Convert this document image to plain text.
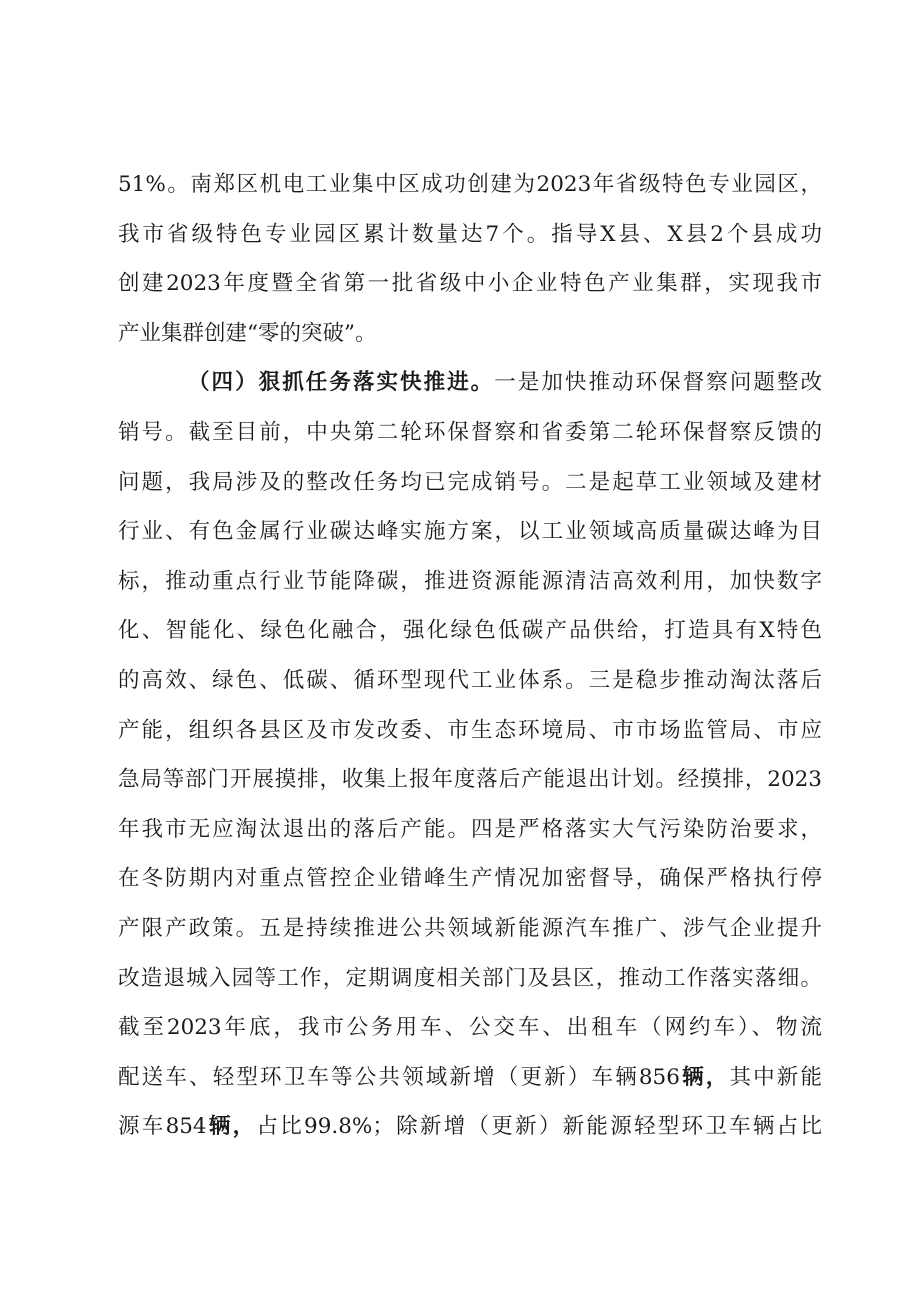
51%。南郑区机电工业集中区成功创建为2023年省级特色专业园区，
我市省级特色专业园区累计数量达7个。指导X县、X县2个县成功
创建2023年度暨全省第一批省级中小企业特色产业集群，实现我市
产业集群创建“零的突破”。
（四）狠抓任务落实快推进。一是加快推动环保督察问题整改
销号。截至目前，中央第二轮环保督察和省委第二轮环保督察反馈的
问题，我局涉及的整改任务均已完成销号。二是起草工业领域及建材
行业、有色金属行业碳达峰实施方案，以工业领域高质量碳达峰为目
标，推动重点行业节能降碳，推进资源能源清洁高效利用，加快数字
化、智能化、绿色化融合，强化绿色低碳产品供给，打造具有X特色
的高效、绿色、低碳、循环型现代工业体系。三是稳步推动淘汰落后
产能，组织各县区及市发改委、市生态环境局、市市场监管局、市应
急局等部门开展摸排，收集上报年度落后产能退出计划。经摸排，2023
年我市无应淘汰退出的落后产能。四是严格落实大气污染防治要求，
在冬防期内对重点管控企业错峰生产情况加密督导，确保严格执行停
产限产政策。五是持续推进公共领域新能源汽车推广、涉气企业提升
改造退城入园等工作，定期调度相关部门及县区，推动工作落实落细。
截至2023年底，我市公务用车、公交车、出租车（网约车）、物流
配送车、轻型环卫车等公共领域新增（更新）车辆856辆，其中新能
源车854辆，占比99.8%；除新增（更新）新能源轻型环卫车辆占比
